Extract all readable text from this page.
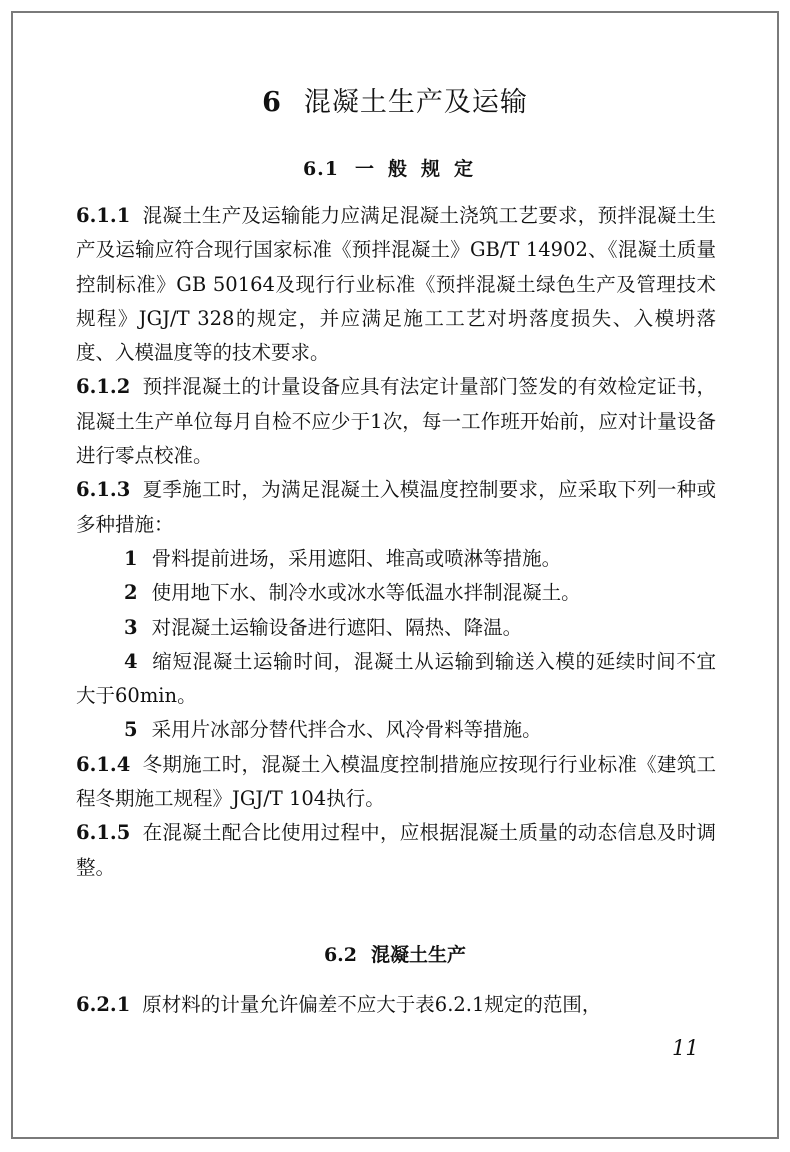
6 混凝土生产及运输
6.1 一般规定

6.1.1 混凝土生产及运输能力应满足混凝土浇筑工艺要求，预拌混凝土生产及运输应符合现行国家标准《预拌混凝土》GB/T 14902、《混凝土质量控制标准》GB 50164及现行行业标准《预拌混凝土绿色生产及管理技术规程》JGJ/T 328的规定，并应满足施工工艺对坍落度损失、入模坍落度、入模温度等的技术要求。

6.1.2 预拌混凝土的计量设备应具有法定计量部门签发的有效检定证书，混凝土生产单位每月自检不应少于1次，每一工作班开始前，应对计量设备进行零点校准。

6.1.3 夏季施工时，为满足混凝土入模温度控制要求，应采取下列一种或多种措施：

1 骨料提前进场，采用遮阳、堆高或喷淋等措施。

2 使用地下水、制冷水或冰水等低温水拌制混凝土。

3 对混凝土运输设备进行遮阳、隔热、降温。

4 缩短混凝土运输时间，混凝土从运输到输送入模的延续时间不宜大于60min。

5 采用片冰部分替代拌合水、风冷骨料等措施。

6.1.4 冬期施工时，混凝土入模温度控制措施应按现行行业标准《建筑工程冬期施工规程》JGJ/T 104执行。

6.1.5 在混凝土配合比使用过程中，应根据混凝土质量的动态信息及时调整。

6.2 混凝土生产

6.2.1 原材料的计量允许偏差不应大于表6.2.1规定的范围，

11
